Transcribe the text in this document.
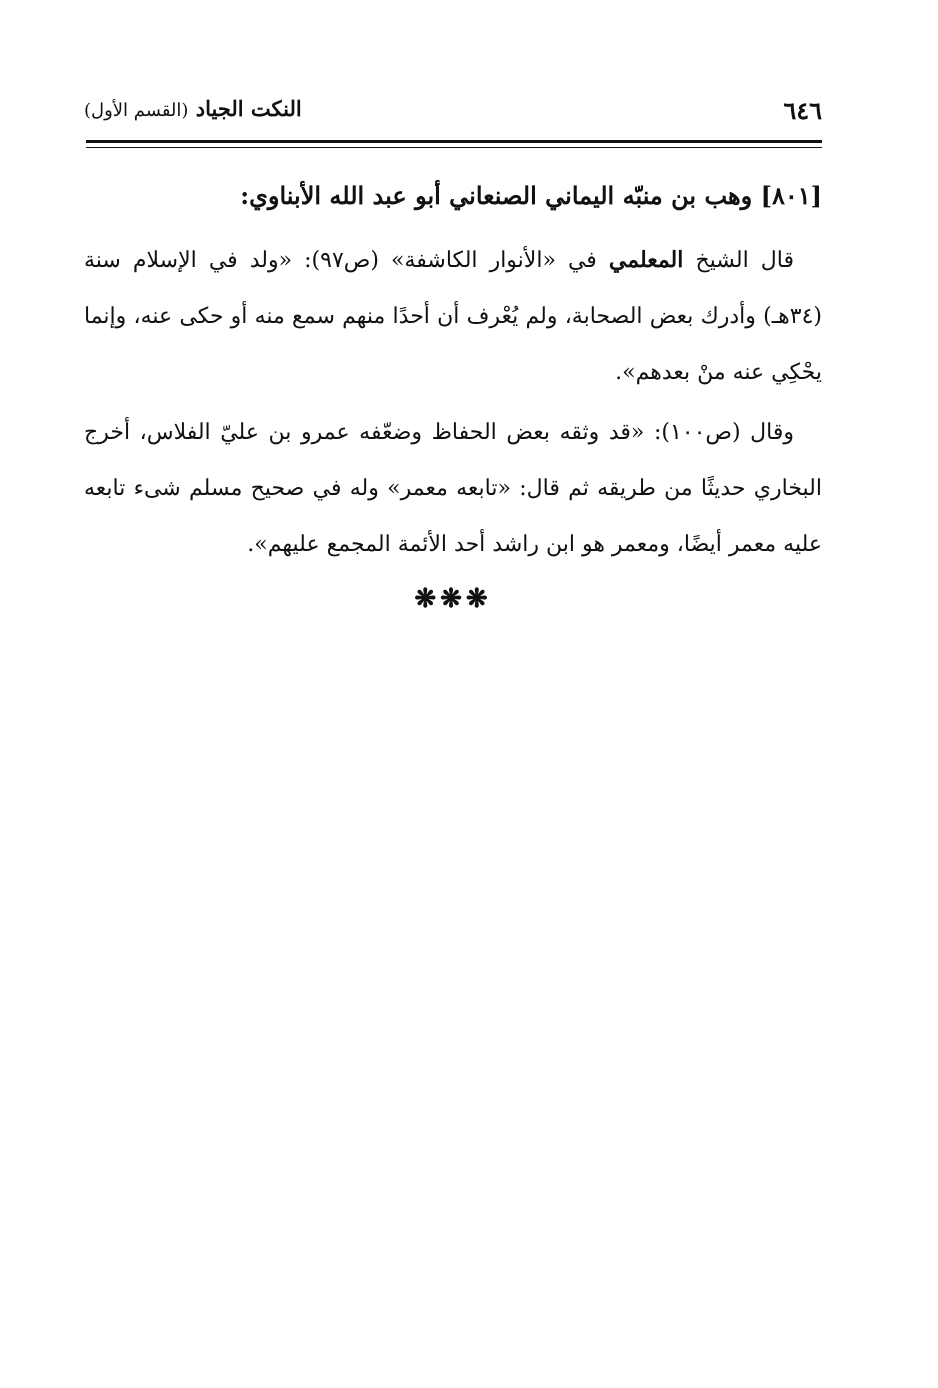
٦٤٦
النكت الجياد (القسم الأول)

[٨٠١] وهب بن منبّه اليماني الصنعاني أبو عبد الله الأبناوي:

قال الشيخ المعلمي في «الأنوار الكاشفة» (ص٩٧): «ولد في الإسلام سنة (٣٤هـ) وأدرك بعض الصحابة، ولم يُعْرف أن أحدًا منهم سمع منه أو حكى عنه، وإنما يحْكِي عنه منْ بعدهم».

وقال (ص١٠٠): «قد وثقه بعض الحفاظ وضعّفه عمرو بن عليّ الفلاس، أخرج البخاري حديثًا من طريقه ثم قال: «تابعه معمر» وله في صحيح مسلم شىء تابعه عليه معمر أيضًا، ومعمر هو ابن راشد أحد الأئمة المجمع عليهم».

❋❋❋
